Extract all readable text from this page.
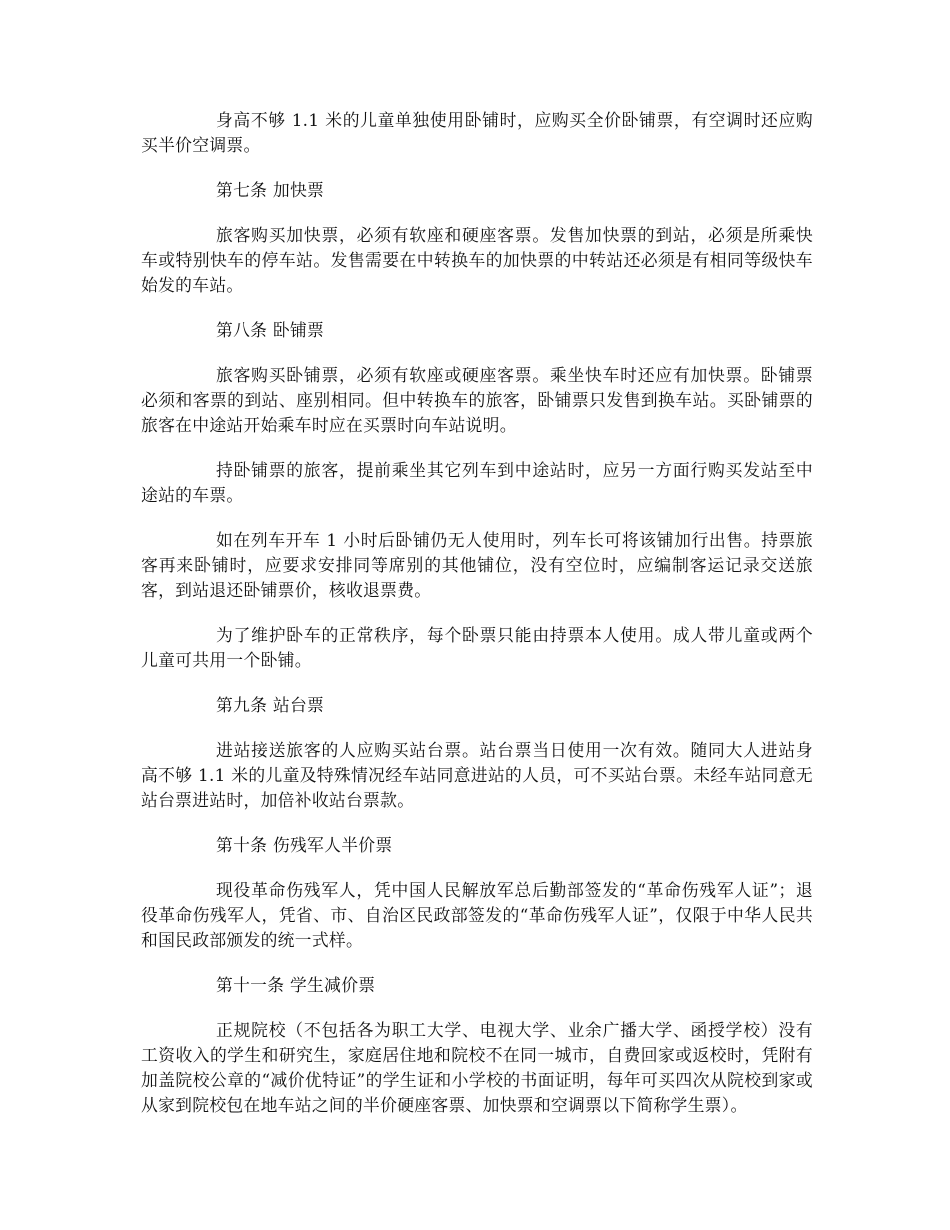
身高不够 1.1 米的儿童单独使用卧铺时，应购买全价卧铺票，有空调时还应购买半价空调票。

第七条 加快票

旅客购买加快票，必须有软座和硬座客票。发售加快票的到站，必须是所乘快车或特别快车的停车站。发售需要在中转换车的加快票的中转站还必须是有相同等级快车始发的车站。

第八条 卧铺票

旅客购买卧铺票，必须有软座或硬座客票。乘坐快车时还应有加快票。卧铺票必须和客票的到站、座别相同。但中转换车的旅客，卧铺票只发售到换车站。买卧铺票的旅客在中途站开始乘车时应在买票时向车站说明。

持卧铺票的旅客，提前乘坐其它列车到中途站时，应另一方面行购买发站至中途站的车票。

如在列车开车 1 小时后卧铺仍无人使用时，列车长可将该铺加行出售。持票旅客再来卧铺时，应要求安排同等席别的其他铺位，没有空位时，应编制客运记录交送旅客，到站退还卧铺票价，核收退票费。

为了维护卧车的正常秩序，每个卧票只能由持票本人使用。成人带儿童或两个儿童可共用一个卧铺。

第九条 站台票

进站接送旅客的人应购买站台票。站台票当日使用一次有效。随同大人进站身高不够 1.1 米的儿童及特殊情况经车站同意进站的人员，可不买站台票。未经车站同意无站台票进站时，加倍补收站台票款。

第十条 伤残军人半价票

现役革命伤残军人，凭中国人民解放军总后勤部签发的“革命伤残军人证”；退役革命伤残军人，凭省、市、自治区民政部签发的“革命伤残军人证”，仅限于中华人民共和国民政部颁发的统一式样。

第十一条 学生减价票

正规院校（不包括各为职工大学、电视大学、业余广播大学、函授学校）没有工资收入的学生和研究生，家庭居住地和院校不在同一城市，自费回家或返校时，凭附有加盖院校公章的“减价优特证”的学生证和小学校的书面证明，每年可买四次从院校到家或从家到院校包在地车站之间的半价硬座客票、加快票和空调票以下简称学生票）。
